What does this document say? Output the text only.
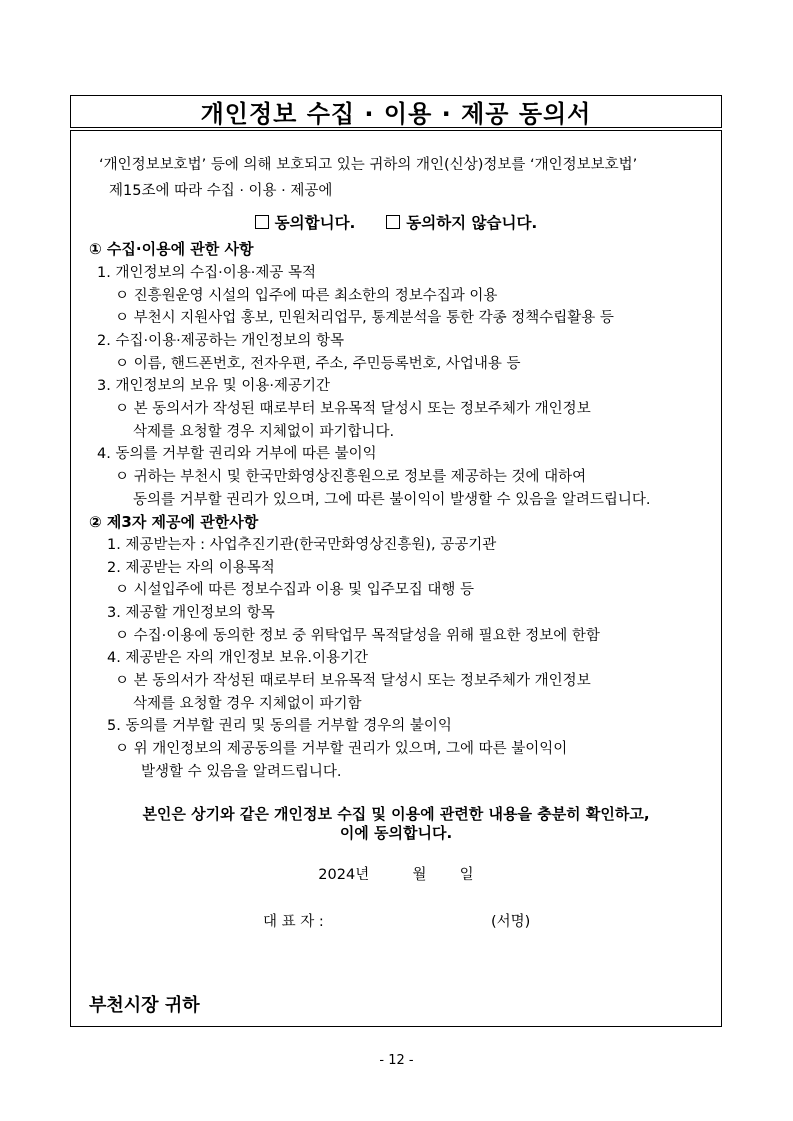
개인정보 수집 · 이용 · 제공 동의서
‘개인정보보호법’ 등에 의해 보호되고 있는 귀하의 개인(신상)정보를 ‘개인정보보호법’
제15조에 따라 수집 · 이용 · 제공에
동의합니다.	동의하지 않습니다.
① 수집·이용에 관한 사항
1. 개인정보의 수집·이용·제공 목적
ㅇ 진흥원운영 시설의 입주에 따른 최소한의 정보수집과 이용
ㅇ 부천시 지원사업 홍보, 민원처리업무, 통계분석을 통한 각종 정책수립활용 등
2. 수집·이용·제공하는 개인정보의 항목
ㅇ 이름, 핸드폰번호, 전자우편, 주소, 주민등록번호, 사업내용 등
3. 개인정보의 보유 및 이용·제공기간
ㅇ 본 동의서가 작성된 때로부터 보유목적 달성시 또는 정보주체가 개인정보
삭제를 요청할 경우 지체없이 파기합니다.
4. 동의를 거부할 권리와 거부에 따른 불이익
ㅇ 귀하는 부천시 및 한국만화영상진흥원으로 정보를 제공하는 것에 대하여
동의를 거부할 권리가 있으며, 그에 따른 불이익이 발생할 수 있음을 알려드립니다.
② 제3자 제공에 관한사항
1. 제공받는자 : 사업추진기관(한국만화영상진흥원), 공공기관
2. 제공받는 자의 이용목적
ㅇ 시설입주에 따른 정보수집과 이용 및 입주모집 대행 등
3. 제공할 개인정보의 항목
ㅇ 수집·이용에 동의한 정보 중 위탁업무 목적달성을 위해 필요한 정보에 한함
4. 제공받은 자의 개인정보 보유.이용기간
ㅇ 본 동의서가 작성된 때로부터 보유목적 달성시 또는 정보주체가 개인정보
삭제를 요청할 경우 지체없이 파기함
5. 동의를 거부할 권리 및 동의를 거부할 경우의 불이익
ㅇ 위 개인정보의 제공동의를 거부할 권리가 있으며, 그에 따른 불이익이
발생할 수 있음을 알려드립니다.
본인은 상기와 같은 개인정보 수집 및 이용에 관련한 내용을 충분히 확인하고,
이에 동의합니다.
2024년	월 일
대 표 자 :	(서명)
부천시장 귀하
- 12 -
